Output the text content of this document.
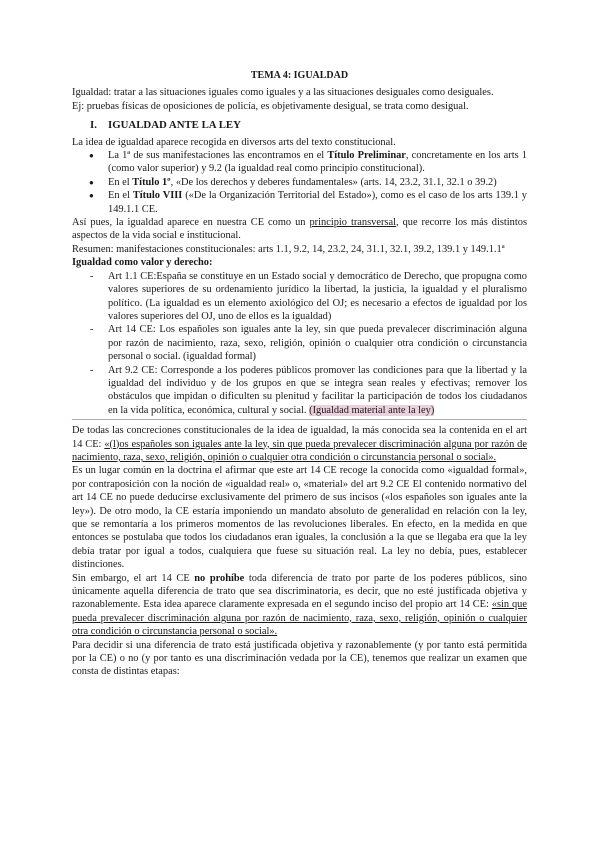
TEMA 4: IGUALDAD

Igualdad: tratar a las situaciones iguales como iguales y a las situaciones desiguales como desiguales.

Ej: pruebas físicas de oposiciones de policía, es objetivamente desigual, se trata como desigual.

I.	IGUALDAD ANTE LA LEY

La idea de igualdad aparece recogida en diversos arts del texto constitucional.

● La 1ª de sus manifestaciones las encontramos en el Título Preliminar, concretamente en los arts 1 (como valor superior) y 9.2 (la igualdad real como principio constitucional).
● En el Título 1º, «De los derechos y deberes fundamentales» (arts. 14, 23.2, 31.1, 32.1 o 39.2)
● En el Título VIII («De la Organización Territorial del Estado»), como es el caso de los arts 139.1 y 149.1.1 CE.

Así pues, la igualdad aparece en nuestra CE como un principio transversal, que recorre los más distintos aspectos de la vida social e institucional.

Resumen: manifestaciones constitucionales: arts 1.1, 9.2, 14, 23.2, 24, 31.1, 32.1, 39.2, 139.1 y 149.1.1ª

Igualdad como valor y derecho:

- Art 1.1 CE:España se constituye en un Estado social y democrático de Derecho, que propugna como valores superiores de su ordenamiento jurídico la libertad, la justicia, la igualdad y el pluralismo político. (La igualdad es un elemento axiológico del OJ; es necesario a efectos de igualdad por los valores superiores del OJ, uno de ellos es la igualdad)
- Art 14 CE: Los españoles son iguales ante la ley, sin que pueda prevalecer discriminación alguna por razón de nacimiento, raza, sexo, religión, opinión o cualquier otra condición o circunstancia personal o social. (igualdad formal)
- Art 9.2 CE: Corresponde a los poderes públicos promover las condiciones para que la libertad y la igualdad del individuo y de los grupos en que se integra sean reales y efectivas; remover los obstáculos que impidan o dificulten su plenitud y facilitar la participación de todos los ciudadanos en la vida política, económica, cultural y social. (Igualdad material ante la ley)

De todas las concreciones constitucionales de la idea de igualdad, la más conocida sea la contenida en el art 14 CE: «(l)os españoles son iguales ante la ley, sin que pueda prevalecer discriminación alguna por razón de nacimiento, raza, sexo, religión, opinión o cualquier otra condición o circunstancia personal o social».

Es un lugar común en la doctrina el afirmar que este art 14 CE recoge la conocida como «igualdad formal», por contraposición con la noción de «igualdad real» o, «material» del art 9.2 CE El contenido normativo del art 14 CE no puede deducirse exclusivamente del primero de sus incisos («los españoles son iguales ante la ley»). De otro modo, la CE estaría imponiendo un mandato absoluto de generalidad en relación con la ley, que se remontaría a los primeros momentos de las revoluciones liberales. En efecto, en la medida en que entonces se postulaba que todos los ciudadanos eran iguales, la conclusión a la que se llegaba era que la ley debía tratar por igual a todos, cualquiera que fuese su situación real. La ley no debía, pues, establecer distinciones.

Sin embargo, el art 14 CE no prohíbe toda diferencia de trato por parte de los poderes públicos, sino únicamente aquella diferencia de trato que sea discriminatoria, es decir, que no esté justificada objetiva y razonablemente. Esta idea aparece claramente expresada en el segundo inciso del propio art 14 CE: «sin que pueda prevalecer discriminación alguna por razón de nacimiento, raza, sexo, religión, opinión o cualquier otra condición o circunstancia personal o social».

Para decidir si una diferencia de trato está justificada objetiva y razonablemente (y por tanto está permitida por la CE) o no (y por tanto es una discriminación vedada por la CE), tenemos que realizar un examen que consta de distintas etapas:
